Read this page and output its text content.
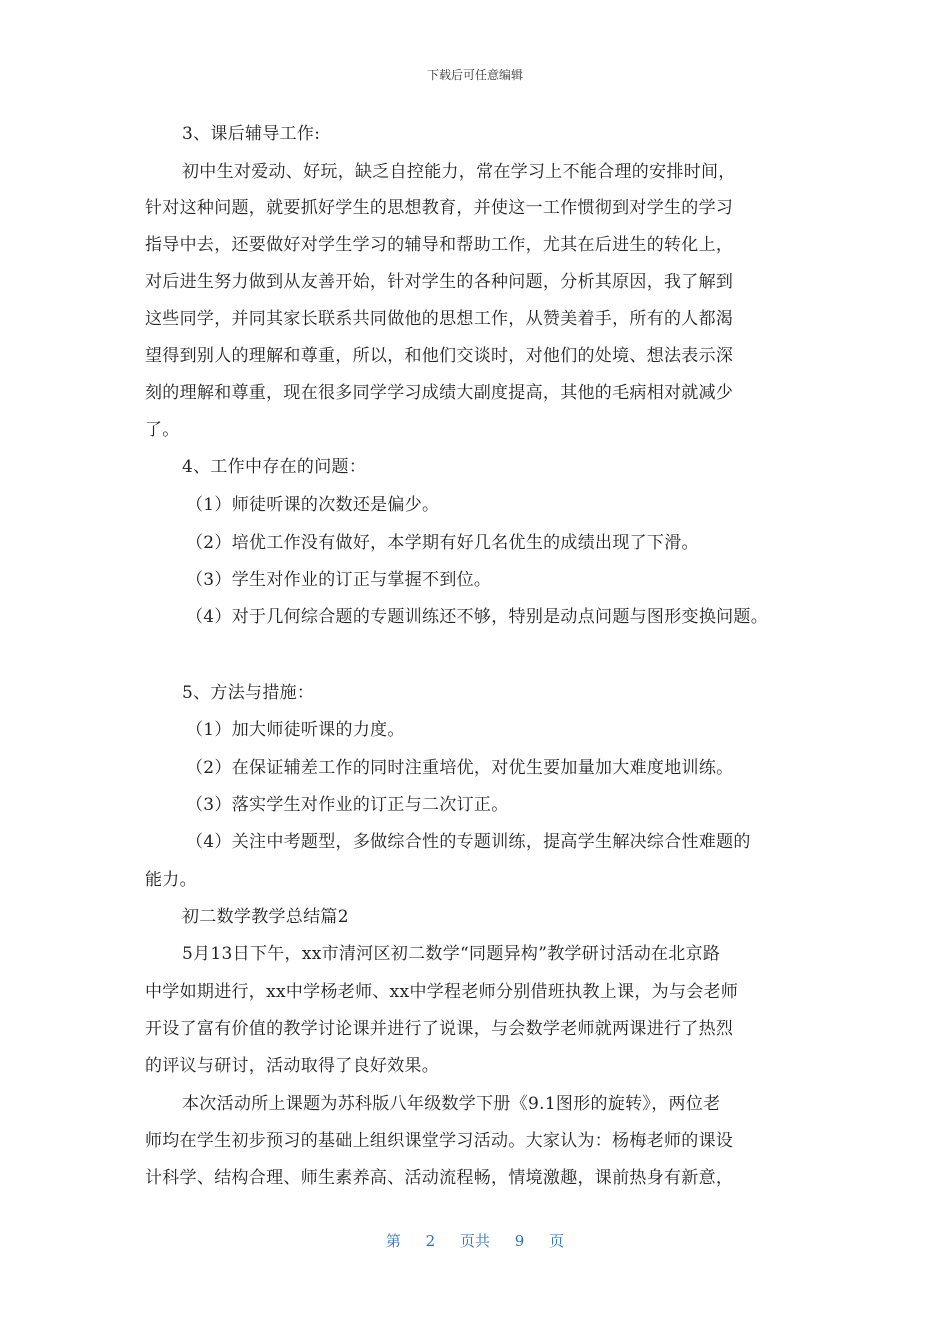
下载后可任意编辑
3、课后辅导工作:
初中生对爱动、好玩，缺乏自控能力，常在学习上不能合理的安排时间，
针对这种问题，就要抓好学生的思想教育，并使这一工作惯彻到对学生的学习
指导中去，还要做好对学生学习的辅导和帮助工作，尤其在后进生的转化上，
对后进生努力做到从友善开始，针对学生的各种问题，分析其原因，我了解到
这些同学，并同其家长联系共同做他的思想工作，从赞美着手，所有的人都渴
望得到别人的理解和尊重，所以，和他们交谈时，对他们的处境、想法表示深
刻的理解和尊重，现在很多同学学习成绩大副度提高，其他的毛病相对就减少
了。
4、工作中存在的问题：
（1）师徒听课的次数还是偏少。
（2）培优工作没有做好，本学期有好几名优生的成绩出现了下滑。
（3）学生对作业的订正与掌握不到位。
（4）对于几何综合题的专题训练还不够，特别是动点问题与图形变换问题。
5、方法与措施：
（1）加大师徒听课的力度。
（2）在保证辅差工作的同时注重培优，对优生要加量加大难度地训练。
（3）落实学生对作业的订正与二次订正。
（4）关注中考题型，多做综合性的专题训练，提高学生解决综合性难题的
能力。
初二数学教学总结篇2
5月13日下午，xx市清河区初二数学“同题异构”教学研讨活动在北京路
中学如期进行，xx中学杨老师、xx中学程老师分别借班执教上课，为与会老师
开设了富有价值的教学讨论课并进行了说课，与会数学老师就两课进行了热烈
的评议与研讨，活动取得了良好效果。
本次活动所上课题为苏科版八年级数学下册《9.1图形的旋转》，两位老
师均在学生初步预习的基础上组织课堂学习活动。大家认为：杨梅老师的课设
计科学、结构合理、师生素养高、活动流程畅，情境激趣，课前热身有新意，
第 2 页共 9 页
